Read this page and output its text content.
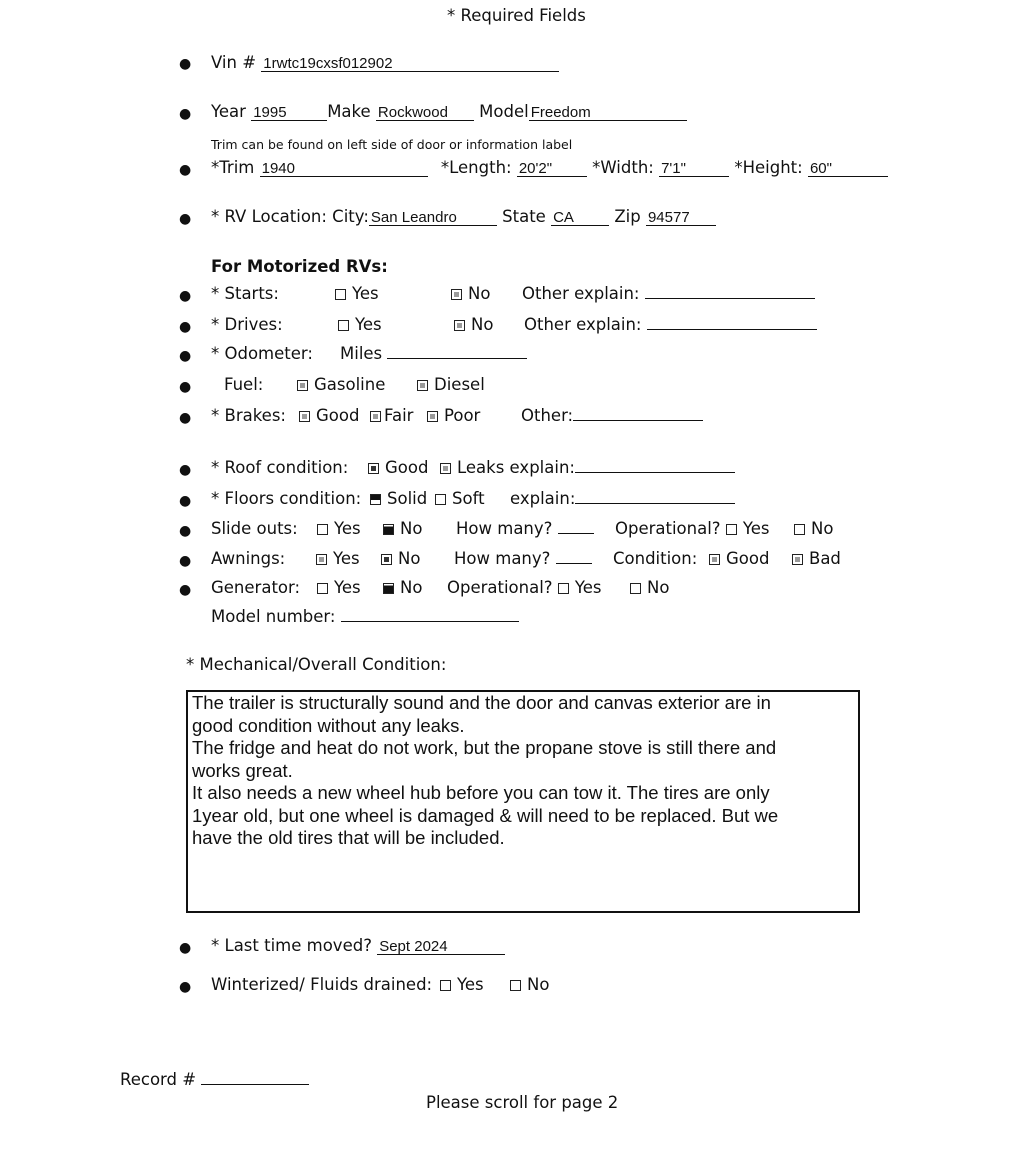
* Required Fields
● Vin # 1rwtc19cxsf012902
● Year 1995 Make Rockwood Model Freedom
Trim can be found on left side of door or information label
● *Trim 1940	*Length: 20'2" *Width: 7'1"	*Height: 60"
● * RV Location: City: San Leandro	State CA Zip 94577
For Motorized RVs:
● * Starts:	Yes	No Other explain:
● * Drives:	Yes	No Other explain:
● * Odometer: Miles
● Fuel:	Gasoline	Diesel
● * Brakes:	Good	Fair	Poor Other:
● * Roof condition:	Good	Leaks explain:
● * Floors condition:	Solid	Soft explain:
● Slide outs:	Yes	No How many?	Operational? Yes	No
● Awnings:	Yes	No How many?	Condition:	Good	Bad
● Generator:	Yes	No Operational? Yes	No
Model number:
* Mechanical/Overall Condition:

The trailer is structurally sound and the door and canvas exterior are in
good condition without any leaks.
The fridge and heat do not work, but the propane stove is still there and
works great.
It also needs a new wheel hub before you can tow it. The tires are only
1year old, but one wheel is damaged & will need to be replaced. But we
have the old tires that will be included.

● * Last time moved? Sept 2024
● Winterized/ Fluids drained:	Yes	No
Record #
Please scroll for page 2
